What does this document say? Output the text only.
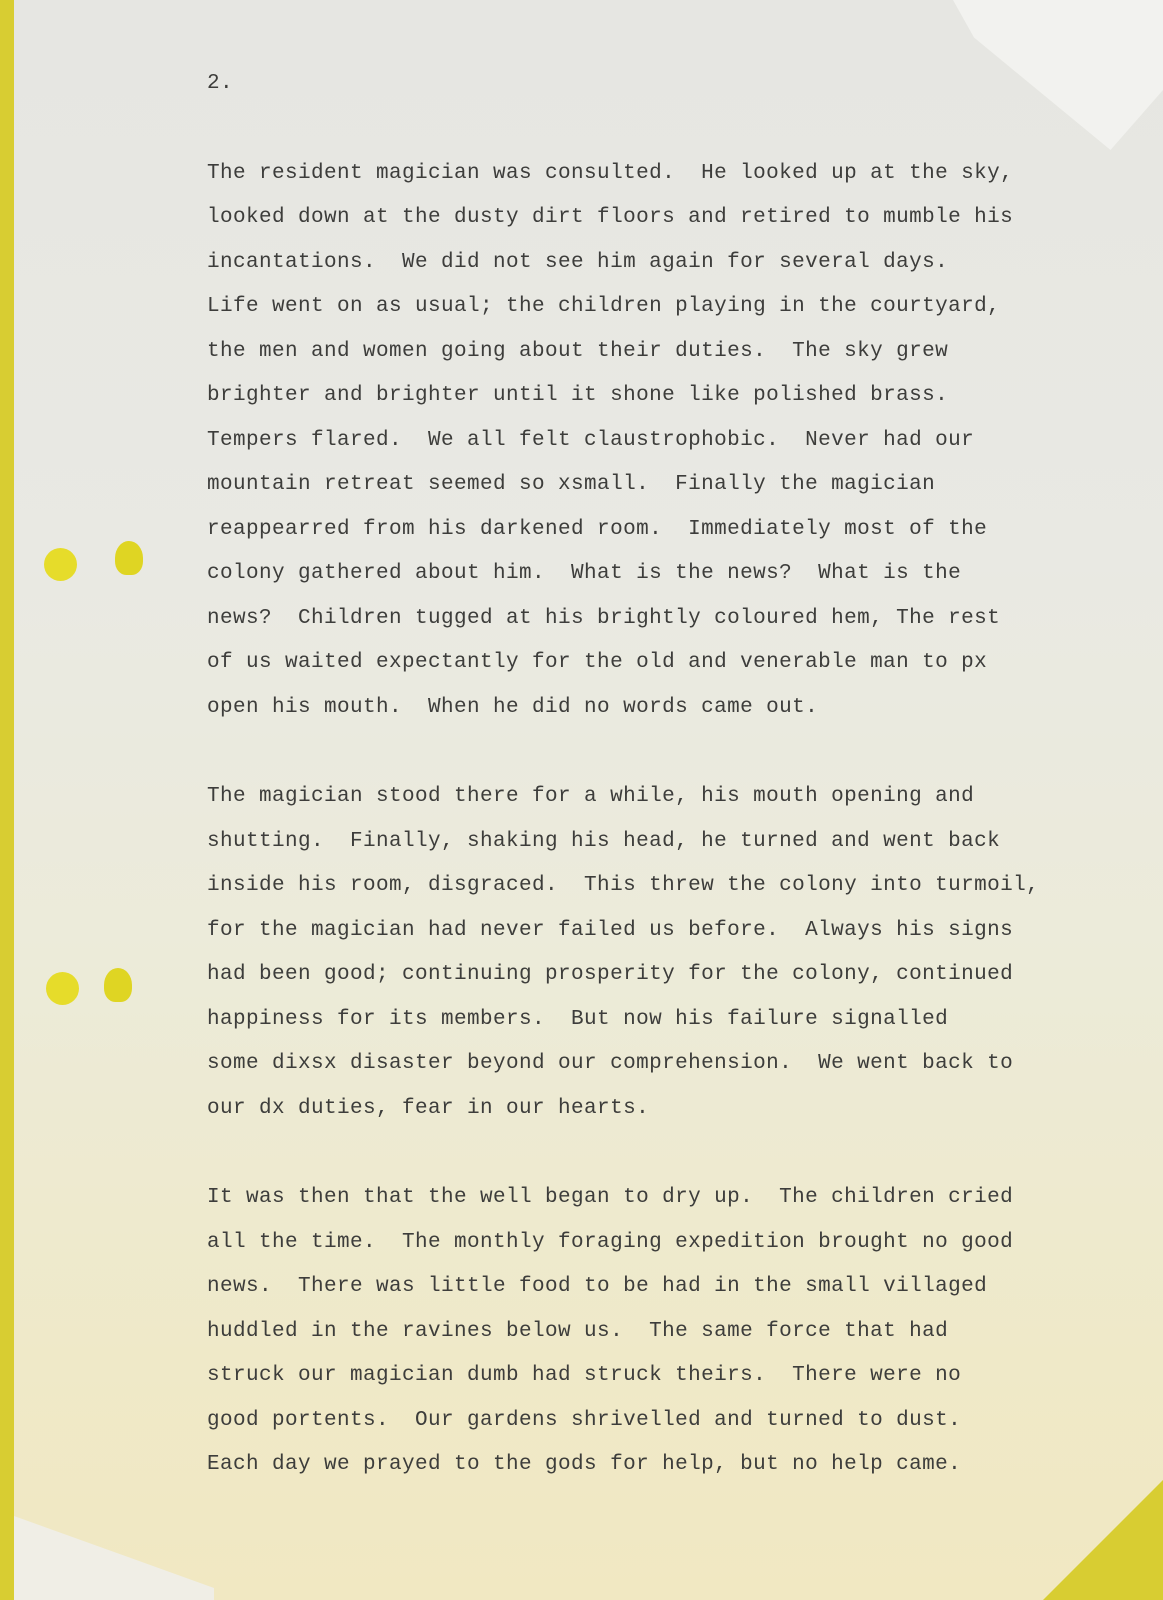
2.
The resident magician was consulted.  He looked up at the sky,
looked down at the dusty dirt floors and retired to mumble his
incantations.  We did not see him again for several days.
Life went on as usual; the children playing in the courtyard,
the men and women going about their duties.  The sky grew
brighter and brighter until it shone like polished brass.
Tempers flared.  We all felt claustrophobic.  Never had our
mountain retreat seemed so xsmall.  Finally the magician
reappearred from his darkened room.  Immediately most of the
colony gathered about him.  What is the news?  What is the
news?  Children tugged at his brightly coloured hem, The rest
of us waited expectantly for the old and venerable man to px
open his mouth.  When he did no words came out.
The magician stood there for a while, his mouth opening and
shutting.  Finally, shaking his head, he turned and went back
inside his room, disgraced.  This threw the colony into turmoil,
for the magician had never failed us before.  Always his signs
had been good; continuing prosperity for the colony, continued
happiness for its members.  But now his failure signalled
some dixsx disaster beyond our comprehension.  We went back to
our dx duties, fear in our hearts.
It was then that the well began to dry up.  The children cried
all the time.  The monthly foraging expedition brought no good
news.  There was little food to be had in the small villaged
huddled in the ravines below us.  The same force that had
struck our magician dumb had struck theirs.  There were no
good portents.  Our gardens shrivelled and turned to dust.
Each day we prayed to the gods for help, but no help came.
